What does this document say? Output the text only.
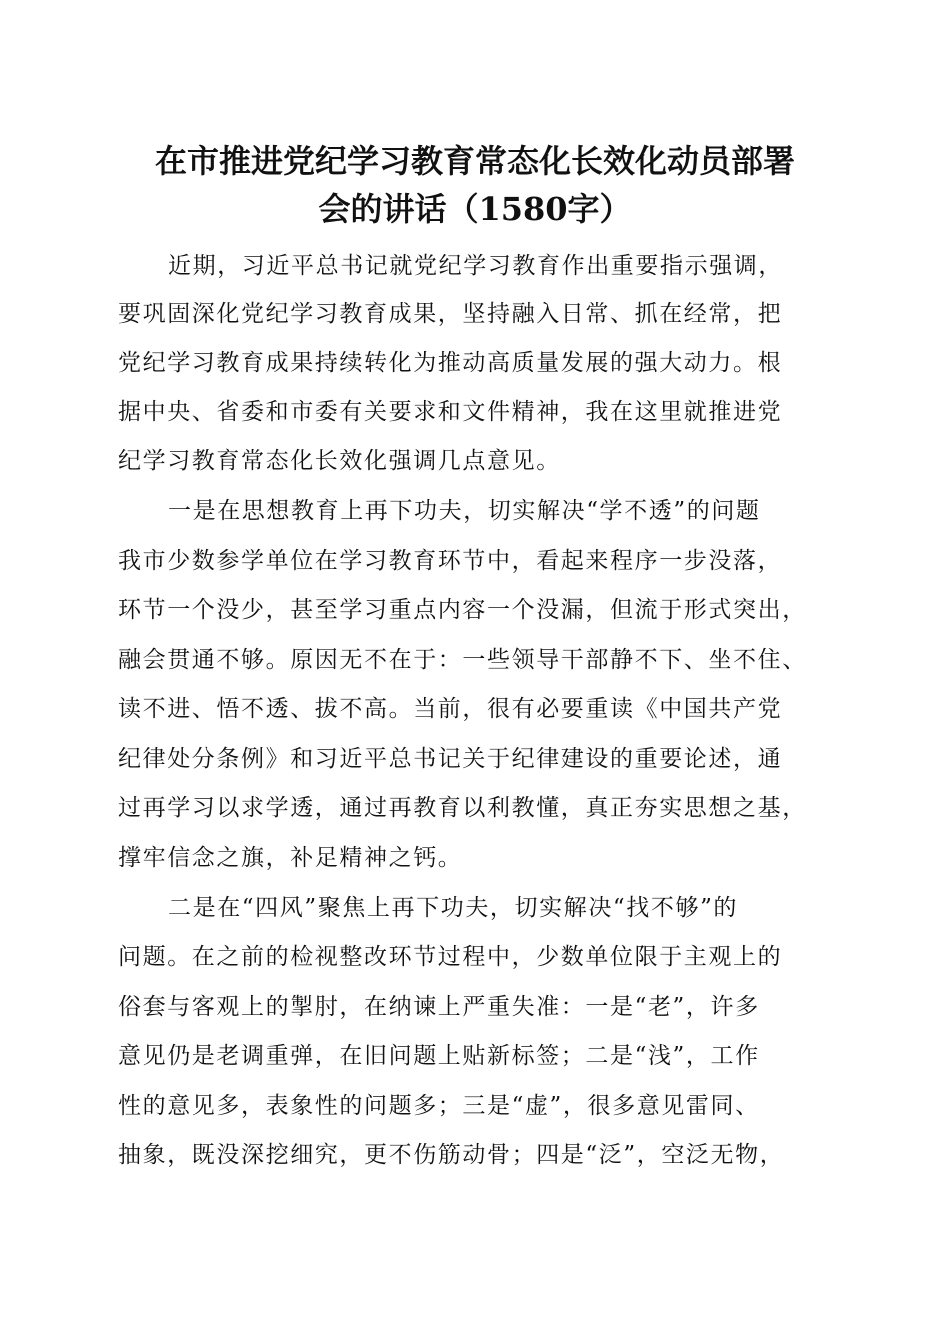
在市推进党纪学习教育常态化长效化动员部署
会的讲话（1580字）
近期，习近平总书记就党纪学习教育作出重要指示强调，
要巩固深化党纪学习教育成果，坚持融入日常、抓在经常，把
党纪学习教育成果持续转化为推动高质量发展的强大动力。根
据中央、省委和市委有关要求和文件精神，我在这里就推进党
纪学习教育常态化长效化强调几点意见。
一是在思想教育上再下功夫，切实解决“学不透”的问题
我市少数参学单位在学习教育环节中，看起来程序一步没落，
环节一个没少，甚至学习重点内容一个没漏，但流于形式突出，
融会贯通不够。原因无不在于：一些领导干部静不下、坐不住、
读不进、悟不透、拔不高。当前，很有必要重读《中国共产党
纪律处分条例》和习近平总书记关于纪律建设的重要论述，通
过再学习以求学透，通过再教育以利教懂，真正夯实思想之基，
撑牢信念之旗，补足精神之钙。
二是在“四风”聚焦上再下功夫，切实解决“找不够”的
问题。在之前的检视整改环节过程中，少数单位限于主观上的
俗套与客观上的掣肘，在纳谏上严重失准：一是“老”，许多
意见仍是老调重弹，在旧问题上贴新标签；二是“浅”，工作
性的意见多，表象性的问题多；三是“虚”，很多意见雷同、
抽象，既没深挖细究，更不伤筋动骨；四是“泛”，空泛无物，
